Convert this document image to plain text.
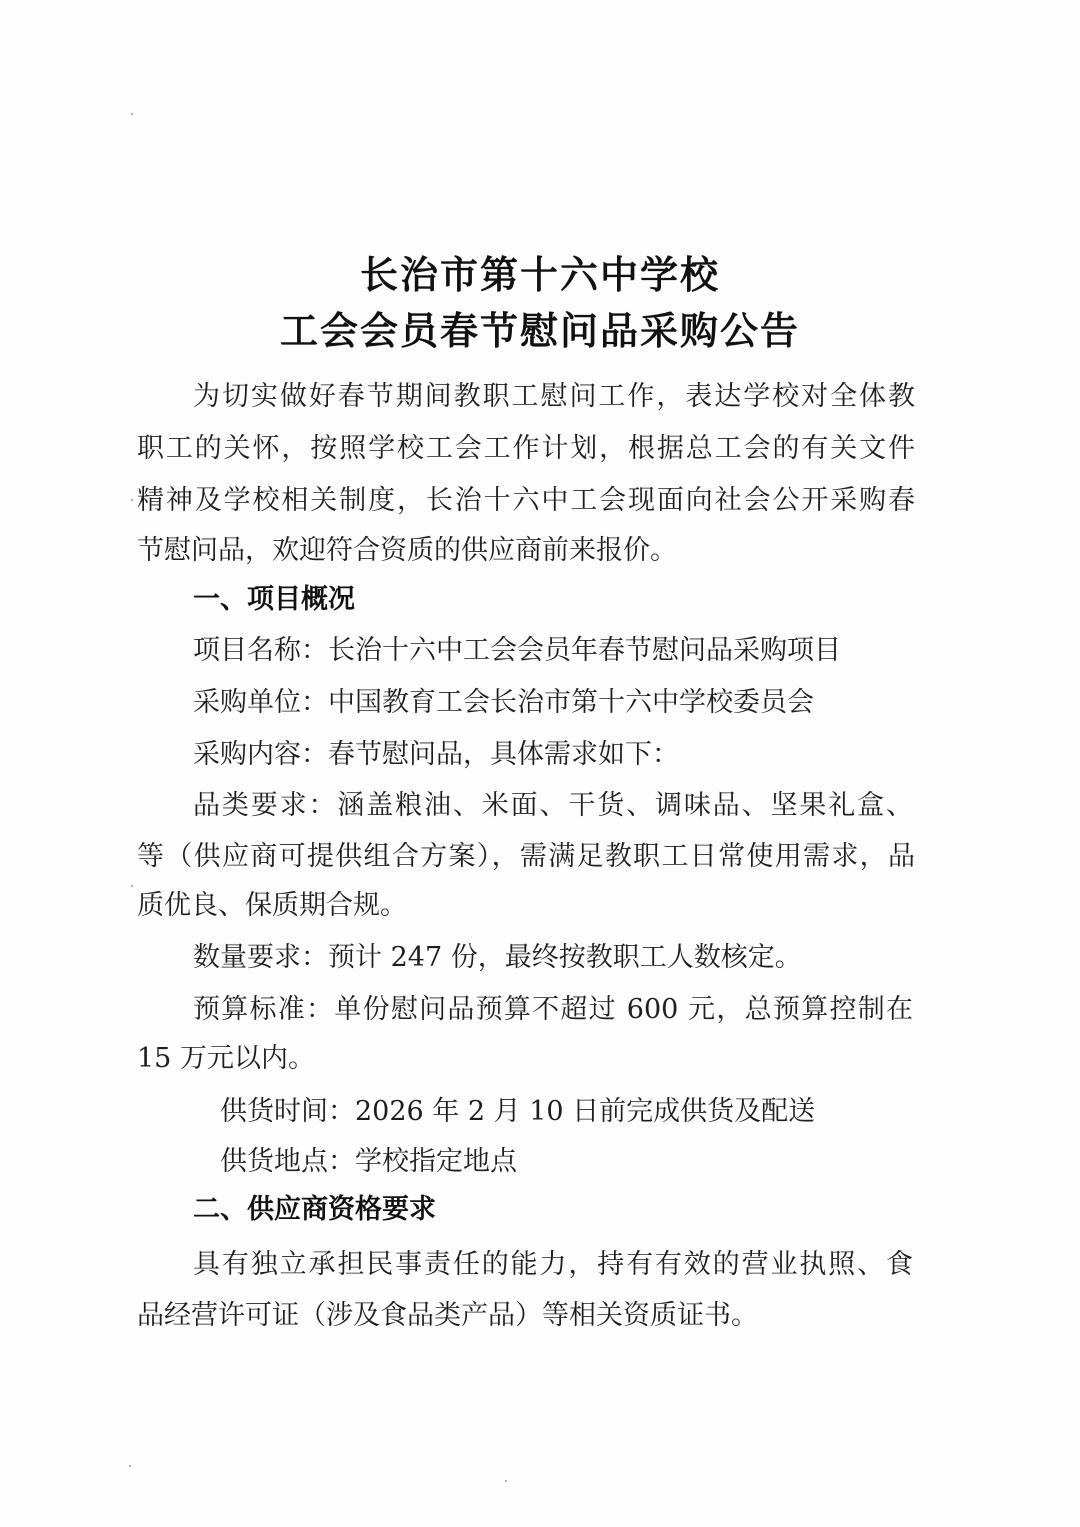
长治市第十六中学校
工会会员春节慰问品采购公告
为切实做好春节期间教职工慰问工作，表达学校对全体教
职工的关怀，按照学校工会工作计划，根据总工会的有关文件
精神及学校相关制度，长治十六中工会现面向社会公开采购春
节慰问品，欢迎符合资质的供应商前来报价。
一、项目概况
项目名称：长治十六中工会会员年春节慰问品采购项目
采购单位：中国教育工会长治市第十六中学校委员会
采购内容：春节慰问品，具体需求如下：
品类要求：涵盖粮油、米面、干货、调味品、坚果礼盒、
等（供应商可提供组合方案），需满足教职工日常使用需求，品
质优良、保质期合规。
数量要求：预计 247 份，最终按教职工人数核定。
预算标准：单份慰问品预算不超过 600 元，总预算控制在
15 万元以内。
供货时间：2026 年 2 月 10 日前完成供货及配送
供货地点：学校指定地点
二、供应商资格要求
具有独立承担民事责任的能力，持有有效的营业执照、食
品经营许可证（涉及食品类产品）等相关资质证书。
